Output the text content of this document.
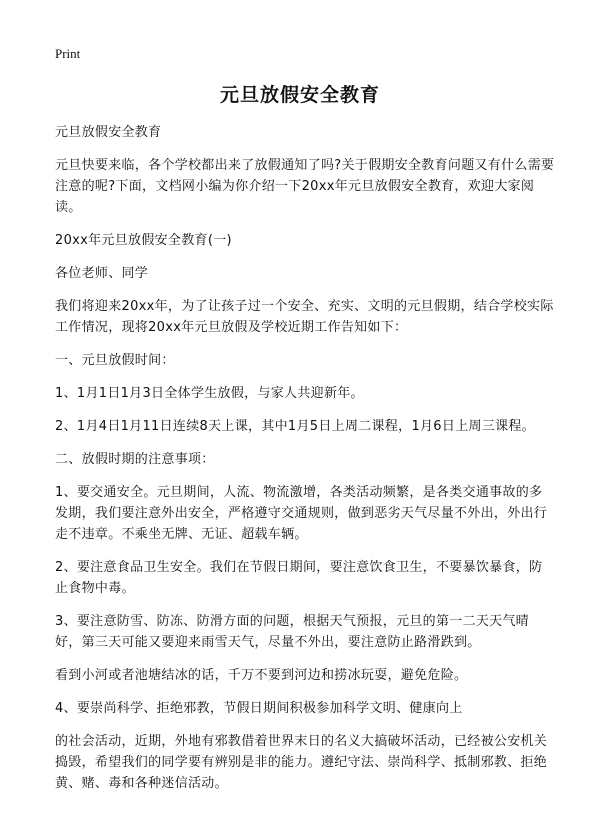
Print
元旦放假安全教育

元旦放假安全教育

元旦快要来临，各个学校都出来了放假通知了吗?关于假期安全教育问题又有什么需要注意的呢?下面，文档网小编为你介绍一下20xx年元旦放假安全教育，欢迎大家阅读。

20xx年元旦放假安全教育(一)

各位老师、同学

我们将迎来20xx年，为了让孩子过一个安全、充实、文明的元旦假期，结合学校实际工作情况，现将20xx年元旦放假及学校近期工作告知如下：

一、元旦放假时间：

1、1月1日1月3日全体学生放假，与家人共迎新年。

2、1月4日1月11日连续8天上课，其中1月5日上周二课程，1月6日上周三课程。

二、放假时期的注意事项：

1、要交通安全。元旦期间，人流、物流激增，各类活动频繁，是各类交通事故的多发期，我们要注意外出安全，严格遵守交通规则，做到恶劣天气尽量不外出，外出行走不违章。不乘坐无牌、无证、超载车辆。

2、要注意食品卫生安全。我们在节假日期间，要注意饮食卫生，不要暴饮暴食，防止食物中毒。

3、要注意防雪、防冻、防滑方面的问题，根据天气预报，元旦的第一二天天气晴好，第三天可能又要迎来雨雪天气，尽量不外出，要注意防止路滑跌到。

看到小河或者池塘结冰的话，千万不要到河边和捞冰玩耍，避免危险。

4、要崇尚科学、拒绝邪教，节假日期间积极参加科学文明、健康向上

的社会活动，近期，外地有邪教借着世界末日的名义大搞破坏活动，已经被公安机关捣毁，希望我们的同学要有辨别是非的能力。遵纪守法、崇尚科学、抵制邪教、拒绝黄、赌、毒和各种迷信活动。
